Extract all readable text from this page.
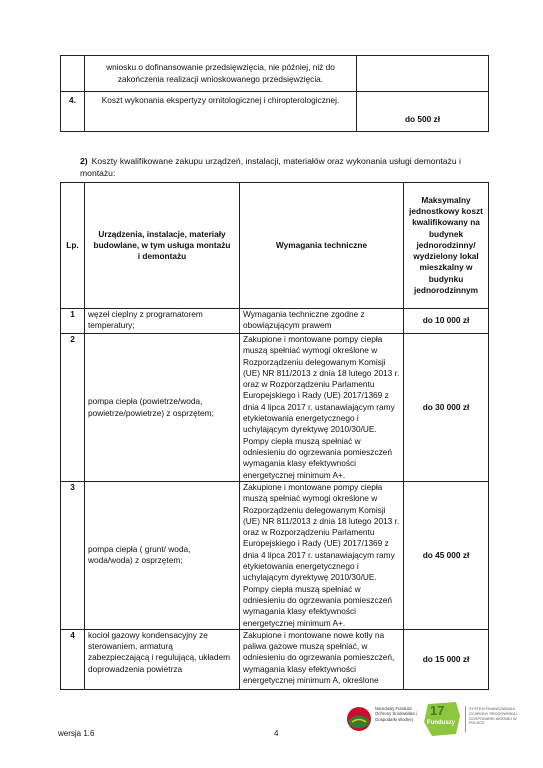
	wniosku o dofinansowanie przedsięwzięcia, nie później, niż do zakończenia realizacji wnioskowanego przedsięwzięcia.	
4.	Koszt wykonania ekspertyzy ornitologicznej i chiropterologicznej.	do 500 zł
2) Koszty kwalifikowane zakupu urządzeń, instalacji, materiałów oraz wykonania usługi demontażu i montażu:
Lp.	Urządzenia, instalacje, materiały budowlane, w tym usługa montażu i demontażu	Wymagania techniczne	Maksymalny jednostkowy koszt kwalifikowany na budynek jednorodzinny/ wydzielony lokal mieszkalny w budynku jednorodzinnym
1	węzeł cieplny z programatorem temperatury;	Wymagania techniczne zgodne z obowiązującym prawem	do 10 000 zł
2	pompa ciepła (powietrze/woda, powietrze/powietrze) z osprzętem;	Zakupione i montowane pompy ciepła muszą spełniać wymogi określone w Rozporządzeniu delegowanym Komisji (UE) NR 811/2013 z dnia 18 lutego 2013 r. oraz w Rozporządzeniu Parlamentu Europejskiego i Rady (UE) 2017/1369 z dnia 4 lipca 2017 r. ustanawiającym ramy etykietowania energetycznego i uchylającym dyrektywę 2010/30/UE. Pompy ciepła muszą spełniać w odniesieniu do ogrzewania pomieszczeń wymagania klasy efektywności energetycznej minimum A+.	do 30 000 zł
3	pompa ciepła ( grunt/ woda, woda/woda) z osprzętem;	Zakupione i montowane pompy ciepła muszą spełniać wymogi określone w Rozporządzeniu delegowanym Komisji (UE) NR 811/2013 z dnia 18 lutego 2013 r. oraz w Rozporządzeniu Parlamentu Europejskiego i Rady (UE) 2017/1369 z dnia 4 lipca 2017 r. ustanawiającym ramy etykietowania energetycznego i uchylającym dyrektywę 2010/30/UE. Pompy ciepła muszą spełniać w odniesieniu do ogrzewania pomieszczeń wymagania klasy efektywności energetycznej minimum A+.	do 45 000 zł
4	kocioł gazowy kondensacyjny ze sterowaniem, armaturą zabezpieczającą i regulującą, układem doprowadzenia powietrza	Zakupione i montowane nowe kotły na paliwa gazowe muszą spełniać, w odniesieniu do ogrzewania pomieszczeń, wymagania klasy efektywności energetycznej minimum A, określone	do 15 000 zł
wersja 1.6	4
Narodowy Fundusz Ochrony Środowiska i Gospodarki Wodnej
17
Funduszy
SYSTEM FINANSOWANIA OCHRONY ŚRODOWISKA I GOSPODARKI WODNEJ W POLSCE
